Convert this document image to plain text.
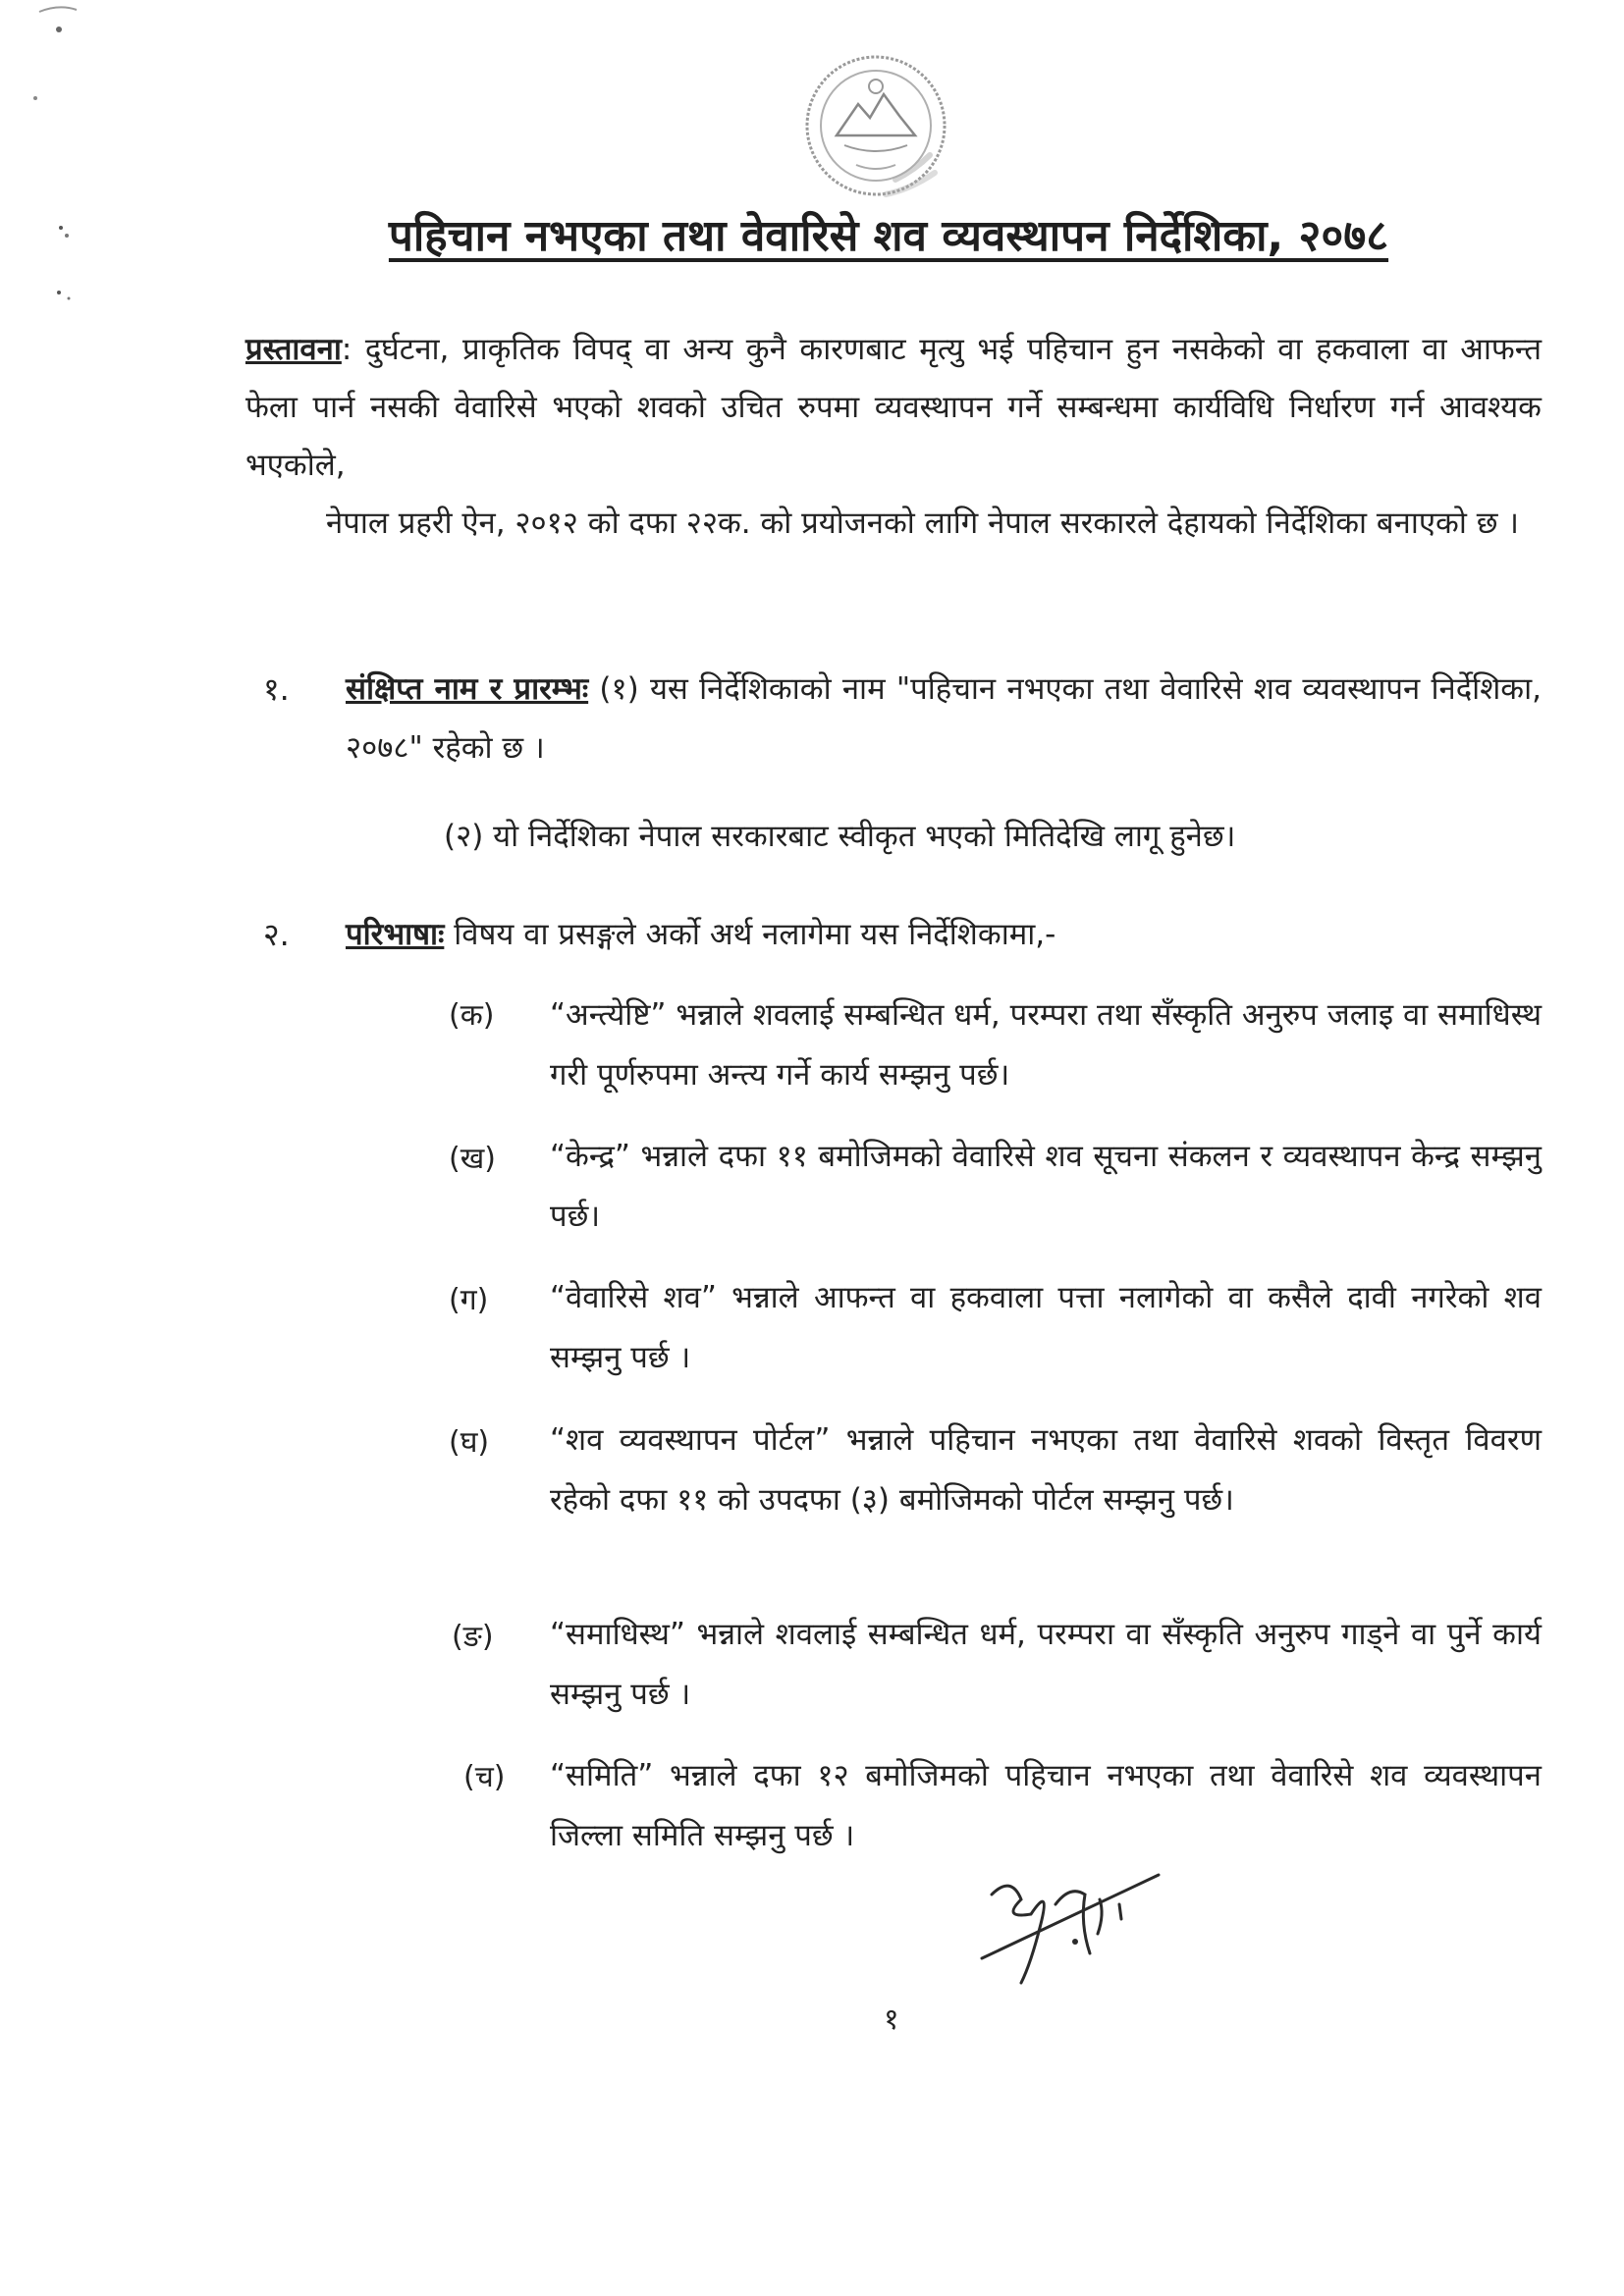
पहिचान नभएका तथा वेवारिसे शव व्यवस्थापन निर्देशिका, २०७८
प्रस्तावना: दुर्घटना, प्राकृतिक विपद् वा अन्य कुनै कारणबाट मृत्यु भई पहिचान हुन नसकेको वा हकवाला वा आफन्त फेला पार्न नसकी वेवारिसे भएको शवको उचित रुपमा व्यवस्थापन गर्ने सम्बन्धमा कार्यविधि निर्धारण गर्न आवश्यक भएकोले,
नेपाल प्रहरी ऐन, २०१२ को दफा २२क. को प्रयोजनको लागि नेपाल सरकारले देहायको निर्देशिका बनाएको छ ।
१. संक्षिप्त नाम र प्रारम्भः (१) यस निर्देशिकाको नाम "पहिचान नभएका तथा वेवारिसे शव व्यवस्थापन निर्देशिका, २०७८" रहेको छ ।
(२) यो निर्देशिका नेपाल सरकारबाट स्वीकृत भएको मितिदेखि लागू हुनेछ।
२. परिभाषाः विषय वा प्रसङ्गले अर्को अर्थ नलागेमा यस निर्देशिकामा,-
(क) “अन्त्येष्टि” भन्नाले शवलाई सम्बन्धित धर्म, परम्परा तथा सँस्कृति अनुरुप जलाइ वा समाधिस्थ गरी पूर्णरुपमा अन्त्य गर्ने कार्य सम्झनु पर्छ।
(ख) “केन्द्र” भन्नाले दफा ११ बमोजिमको वेवारिसे शव सूचना संकलन र व्यवस्थापन केन्द्र सम्झनु पर्छ।
(ग) “वेवारिसे शव” भन्नाले आफन्त वा हकवाला पत्ता नलागेको वा कसैले दावी नगरेको शव सम्झनु पर्छ ।
(घ) “शव व्यवस्थापन पोर्टल” भन्नाले पहिचान नभएका तथा वेवारिसे शवको विस्तृत विवरण रहेको दफा ११ को उपदफा (३) बमोजिमको पोर्टल सम्झनु पर्छ।
(ङ) “समाधिस्थ” भन्नाले शवलाई सम्बन्धित धर्म, परम्परा वा सँस्कृति अनुरुप गाड्ने वा पुर्ने कार्य सम्झनु पर्छ ।
(च) “समिति” भन्नाले दफा १२ बमोजिमको पहिचान नभएका तथा वेवारिसे शव व्यवस्थापन जिल्ला समिति सम्झनु पर्छ ।
१
